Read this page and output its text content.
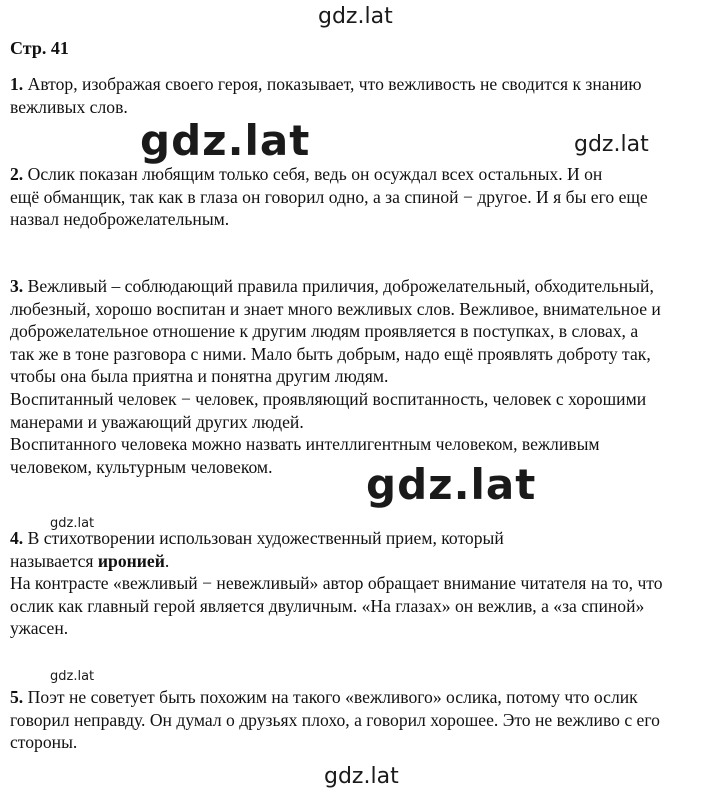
gdz.lat
gdz.lat	gdz.lat
gdz.lat
gdz.lat
gdz.lat
gdz.lat
Стр. 41
1. Автор, изображая своего героя, показывает, что вежливость не сводится к знанию
вежливых слов.
2. Ослик показан любящим только себя, ведь он осуждал всех остальных. И он
ещё обманщик, так как в глаза он говорил одно, а за спиной − другое. И я бы его еще
назвал недоброжелательным.
3. Вежливый – соблюдающий правила приличия, доброжелательный, обходительный,
любезный, хорошо воспитан и знает много вежливых слов. Вежливое, внимательное и
доброжелательное отношение к другим людям проявляется в поступках, в словах, а
так же в тоне разговора с ними. Мало быть добрым, надо ещё проявлять доброту так,
чтобы она была приятна и понятна другим людям.
Воспитанный человек − человек, проявляющий воспитанность, человек с хорошими
манерами и уважающий других людей.
Воспитанного человека можно назвать интеллигентным человеком, вежливым
человеком, культурным человеком.
4. В стихотворении использован художественный прием, который
называется иронией.
На контрасте «вежливый − невежливый» автор обращает внимание читателя на то, что
ослик как главный герой является двуличным. «На глазах» он вежлив, а «за спиной»
ужасен.
5. Поэт не советует быть похожим на такого «вежливого» ослика, потому что ослик
говорил неправду. Он думал о друзьях плохо, а говорил хорошее. Это не вежливо с его
стороны.
